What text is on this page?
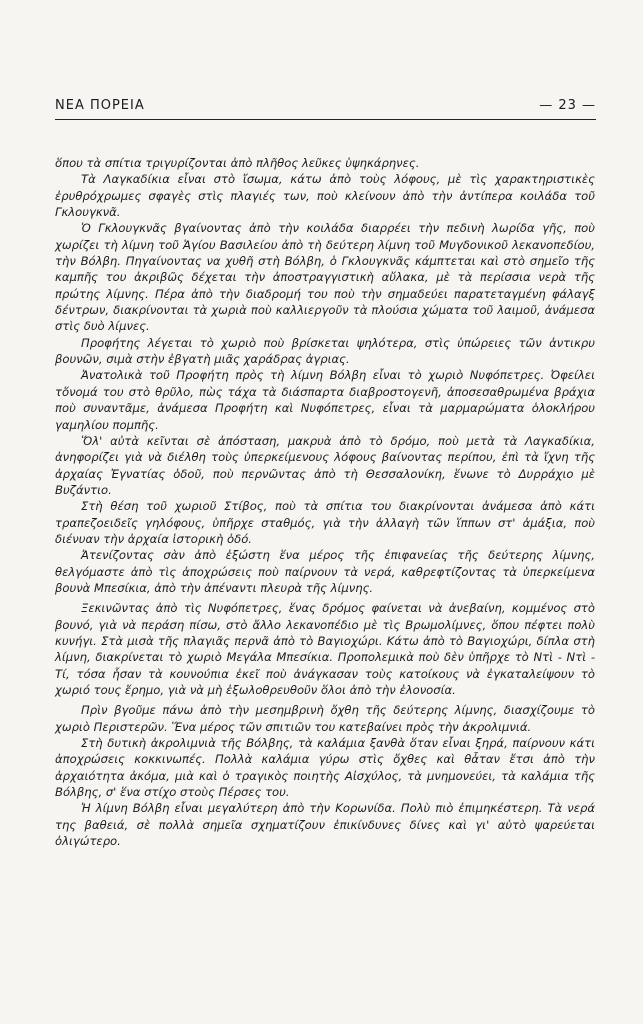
ΝΕΑ ΠΟΡΕΙΑ	— 23 —

ὅπου τὰ σπίτια τριγυρίζονται ἀπὸ πλῆθος λεῦκες ὑψηκάρηνες.

Τὰ Λαγκαδίκια εἶναι στὸ ἴσωμα, κάτω ἀπὸ τοὺς λόφους, μὲ τὶς χαρακτηριστικὲς ἐρυθρόχρωμες σφαγὲς στὶς πλαγιές των, ποὺ κλείνουν ἀπὸ τὴν ἀντίπερα κοιλάδα τοῦ Γκλουγκνᾶ.

Ὁ Γκλουγκνᾶς βγαίνοντας ἀπὸ τὴν κοιλάδα διαρρέει τὴν πεδινὴ λωρίδα γῆς, ποὺ χωρίζει τὴ λίμνη τοῦ Ἁγίου Βασιλείου ἀπὸ τὴ δεύτερη λίμνη τοῦ Μυγδονικοῦ λεκανοπεδίου, τὴν Βόλβη. Πηγαίνοντας να χυθῆ στὴ Βόλβη, ὁ Γκλουγκνᾶς κάμπτεται καὶ στὸ σημεῖο τῆς καμπῆς του ἀκριβῶς δέχεται τὴν ἀποστραγγιστικὴ αὔλακα, μὲ τὰ περίσσια νερὰ τῆς πρώτης λίμνης. Πέρα ἀπὸ τὴν διαδρομή του ποὺ τὴν σημαδεύει παρατεταγμένη φάλαγξ δέντρων, διακρίνονται τὰ χωριὰ ποὺ καλλιεργοῦν τὰ πλούσια χώματα τοῦ λαιμοῦ, ἀνάμεσα στὶς δυὸ λίμνες.

Προφήτης λέγεται τὸ χωριὸ ποὺ βρίσκεται ψηλότερα, στὶς ὑπώρειες τῶν ἀντικρυ βουνῶν, σιμὰ στὴν ἐβγατὴ μιᾶς χαράδρας ἀγριας.

Ἀνατολικὰ τοῦ Προφήτη πρὸς τὴ λίμνη Βόλβη εἶναι τὸ χωριὸ Νυφόπετρες. Ὀφείλει τὄνομά του στὸ θρῦλο, πὼς τάχα τὰ διάσπαρτα διαβροστογενῆ, ἀποσεσαθρωμένα βράχια ποὺ συναντᾶμε, ἀνάμεσα Προφήτη καὶ Νυφόπετρες, εἶναι τὰ μαρμαρώματα ὁλοκλήρου γαμηλίου πομπῆς.

Ὅλ' αὐτὰ κεῖνται σὲ ἀπόσταση, μακρυὰ ἀπὸ τὸ δρόμο, ποὺ μετὰ τὰ Λαγκαδίκια, ἀνηφορίζει γιὰ νὰ διέλθη τοὺς ὑπερκείμενους λόφους βαίνοντας περίπου, ἐπὶ τὰ ἴχνη τῆς ἀρχαίας Ἐγνατίας ὁδοῦ, ποὺ περνῶντας ἀπὸ τὴ Θεσσαλονίκη, ἕνωνε τὸ Δυρράχιο μὲ Βυζάντιο.

Στὴ θέση τοῦ χωριοῦ Στίβος, ποὺ τὰ σπίτια του διακρίνονται ἀνάμεσα ἀπὸ κάτι τραπεζοειδεῖς γηλόφους, ὑπῆρχε σταθμός, γιὰ τὴν ἀλλαγὴ τῶν ἵππων στ' ἀμάξια, ποὺ διένυαν τὴν ἀρχαία ἱστορικὴ ὁδό.

Ἀτενίζοντας σὰν ἀπὸ ἐξώστη ἕνα μέρος τῆς ἐπιφανείας τῆς δεύτερης λίμνης, θελγόμαστε ἀπὸ τὶς ἀποχρώσεις ποὺ παίρνουν τὰ νερά, καθρεφτίζοντας τὰ ὑπερκείμενα βουνὰ Μπεσίκια, ἀπὸ τὴν ἀπέναντι πλευρὰ τῆς λίμνης.

Ξεκινῶντας ἀπὸ τὶς Νυφόπετρες, ἕνας δρόμος φαίνεται νὰ ἀνεβαίνη, κομμένος στὸ βουνό, γιὰ νὰ περάση πίσω, στὸ ἄλλο λεκανοπέδιο μὲ τὶς Βρωμολίμνες, ὅπου πέφτει πολὺ κυνήγι. Στὰ μισὰ τῆς πλαγιᾶς περνᾶ ἀπὸ τὸ Βαγιοχώρι. Κάτω ἀπὸ τὸ Βαγιοχώρι, δίπλα στὴ λίμνη, διακρίνεται τὸ χωριὸ Μεγάλα Μπεσίκια. Προπολεμικὰ ποὺ δὲν ὑπῆρχε τὸ Ντὶ - Ντὶ - Τί, τόσα ἦσαν τὰ κουνούπια ἐκεῖ ποὺ ἀνάγκασαν τοὺς κατοίκους νὰ ἐγκαταλείψουν τὸ χωριό τους ἔρημο, γιὰ νὰ μὴ ἐξωλοθρευθοῦν ὅλοι ἀπὸ τὴν ἐλονοσία.

Πρὶν βγοῦμε πάνω ἀπὸ τὴν μεσημβρινὴ ὄχθη τῆς δεύτερης λίμνης, διασχίζουμε τὸ χωριὸ Περιστερῶν. Ἕνα μέρος τῶν σπιτιῶν του κατεβαίνει πρὸς τὴν ἀκρολιμνιά.

Στὴ δυτικὴ ἀκρολιμνιὰ τῆς Βόλβης, τὰ καλάμια ξανθὰ ὅταν εἶναι ξηρά, παίρνουν κάτι ἀποχρώσεις κοκκινωπές. Πολλὰ καλάμια γύρω στὶς ὄχθες καὶ θἆταν ἔτσι ἀπὸ τὴν ἀρχαιότητα ἀκόμα, μιὰ καὶ ὁ τραγικὸς ποιητὴς Αἰσχύλος, τὰ μνημονεύει, τὰ καλάμια τῆς Βόλβης, σ' ἕνα στίχο στοὺς Πέρσες του.

Ἡ λίμνη Βόλβη εἶναι μεγαλύτερη ἀπὸ τὴν Κορωνίδα. Πολὺ πιὸ ἐπιμηκέστερη. Τὰ νερά της βαθειά, σὲ πολλὰ σημεῖα σχηματίζουν ἐπικίνδυνες δίνες καὶ γι' αὐτὸ ψαρεύεται ὀλιγώτερο.
